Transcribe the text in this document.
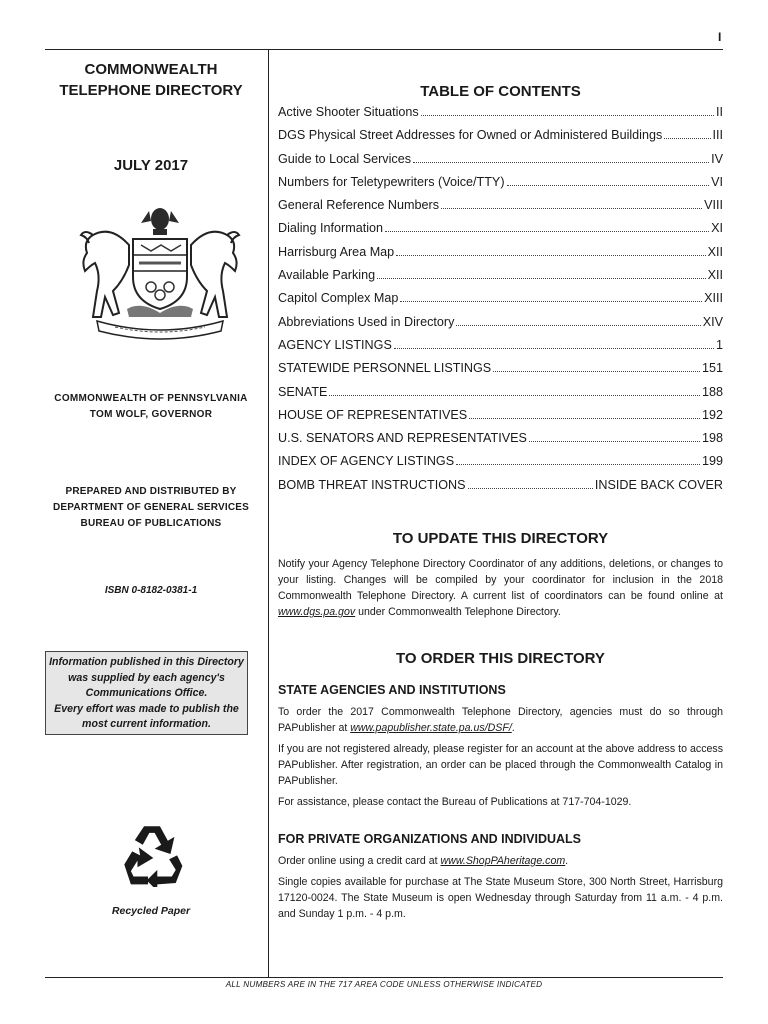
I
COMMONWEALTH
TELEPHONE DIRECTORY
JULY 2017
COMMONWEALTH OF PENNSYLVANIA
TOM WOLF, GOVERNOR
PREPARED AND DISTRIBUTED BY
DEPARTMENT OF GENERAL SERVICES
BUREAU OF PUBLICATIONS
ISBN 0-8182-0381-1
Information published in this Directory
was supplied by each agency's
Communications Office.
Every effort was made to publish the
most current information.
Recycled Paper
TABLE OF CONTENTS
Active Shooter Situations	II
DGS Physical Street Addresses for Owned or Administered Buildings	III
Guide to Local Services	IV
Numbers for Teletypewriters (Voice/TTY)	VI
General Reference Numbers	VIII
Dialing Information	XI
Harrisburg Area Map	XII
Available Parking	XII
Capitol Complex Map	XIII
Abbreviations Used in Directory	XIV
AGENCY LISTINGS	1
STATEWIDE PERSONNEL LISTINGS	151
SENATE	188
HOUSE OF REPRESENTATIVES	192
U.S. SENATORS AND REPRESENTATIVES	198
INDEX OF AGENCY LISTINGS	199
BOMB THREAT INSTRUCTIONS	INSIDE BACK COVER
TO UPDATE THIS DIRECTORY

Notify your Agency Telephone Directory Coordinator of any additions, deletions, or changes to your listing. Changes will be compiled by your coordinator for inclusion in the 2018 Commonwealth Telephone Directory. A current list of coordinators can be found online at www.dgs.pa.gov under Commonwealth Telephone Directory.

TO ORDER THIS DIRECTORY
STATE AGENCIES AND INSTITUTIONS

To order the 2017 Commonwealth Telephone Directory, agencies must do so through PAPublisher at www.papublisher.state.pa.us/DSF/.

If you are not registered already, please register for an account at the above address to access PAPublisher. After registration, an order can be placed through the Commonwealth Catalog in PAPublisher.

For assistance, please contact the Bureau of Publications at 717-704-1029.

FOR PRIVATE ORGANIZATIONS AND INDIVIDUALS

Order online using a credit card at www.ShopPAheritage.com.

Single copies available for purchase at The State Museum Store, 300 North Street, Harrisburg 17120-0024. The State Museum is open Wednesday through Saturday from 11 a.m. - 4 p.m. and Sunday 1 p.m. - 4 p.m.

ALL NUMBERS ARE IN THE 717 AREA CODE UNLESS OTHERWISE INDICATED
